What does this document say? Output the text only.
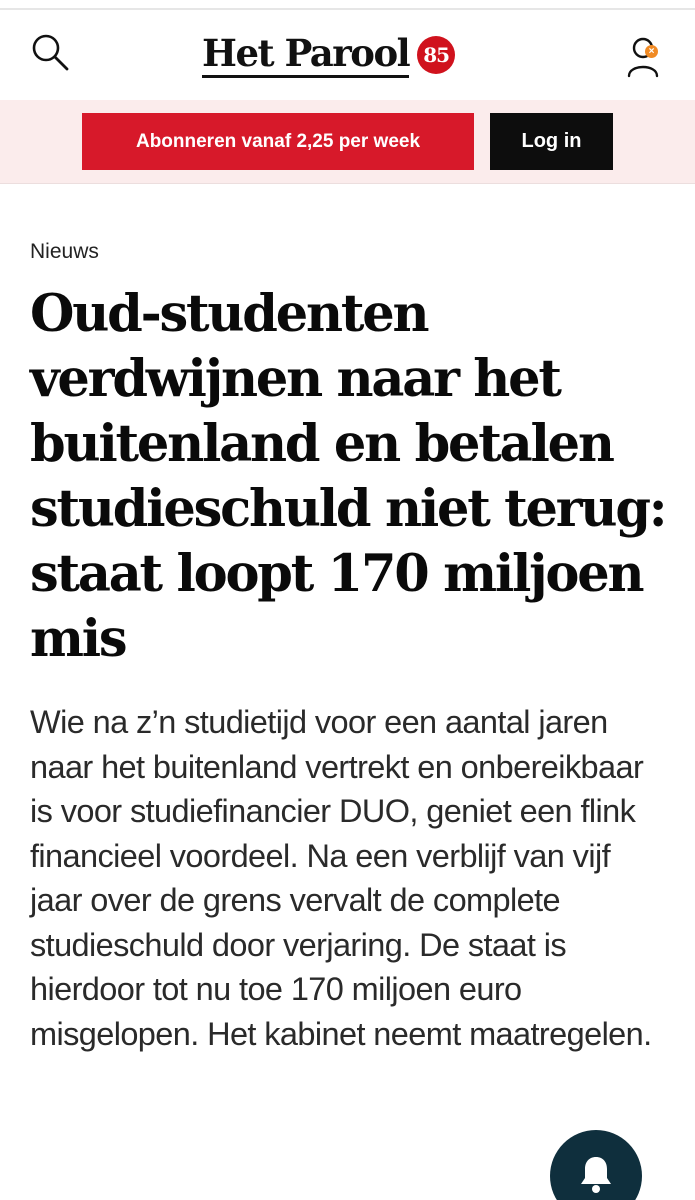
Het Parool 85	×
Abonneren vanaf 2,25 per week	Log in
Nieuws
Oud-studenten verdwijnen naar het buitenland en betalen studieschuld niet terug: staat loopt 170 miljoen mis

Wie na z’n studietijd voor een aantal jaren naar het buitenland vertrekt en onbereikbaar is voor studiefinancier DUO, geniet een flink financieel voordeel. Na een verblijf van vijf jaar over de grens vervalt de complete studieschuld door verjaring. De staat is hierdoor tot nu toe 170 miljoen euro misgelopen. Het kabinet neemt maatregelen.
